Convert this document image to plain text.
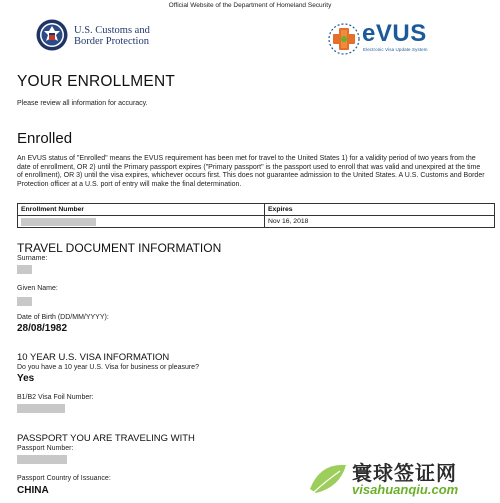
Official Website of the Department of Homeland Security
U.S. Customs and
Border Protection	eVUS
Electronic Visa Update System
YOUR ENROLLMENT
Please review all information for accuracy.
Enrolled
An EVUS status of "Enrolled" means the EVUS requirement has been met for travel to the United States 1) for a validity period of two years from the date of enrollment, OR 2) until the Primary passport expires ("Primary passport" is the passport used to enroll that was valid and unexpired at the time of enrollment), OR 3) until the visa expires, whichever occurs first. This does not guarantee admission to the United States. A U.S. Customs and Border Protection officer at a U.S. port of entry will make the final determination.
Enrollment Number	Expires
	Nov 16, 2018
TRAVEL DOCUMENT INFORMATION
Surname:
Given Name:
Date of Birth (DD/MM/YYYY):
28/08/1982
10 YEAR U.S. VISA INFORMATION
Do you have a 10 year U.S. Visa for business or pleasure?
Yes
B1/B2 Visa Foil Number:
PASSPORT YOU ARE TRAVELING WITH
Passport Number:
Passport Country of Issuance:
CHINA
寰球签证网
visahuanqiu.com
